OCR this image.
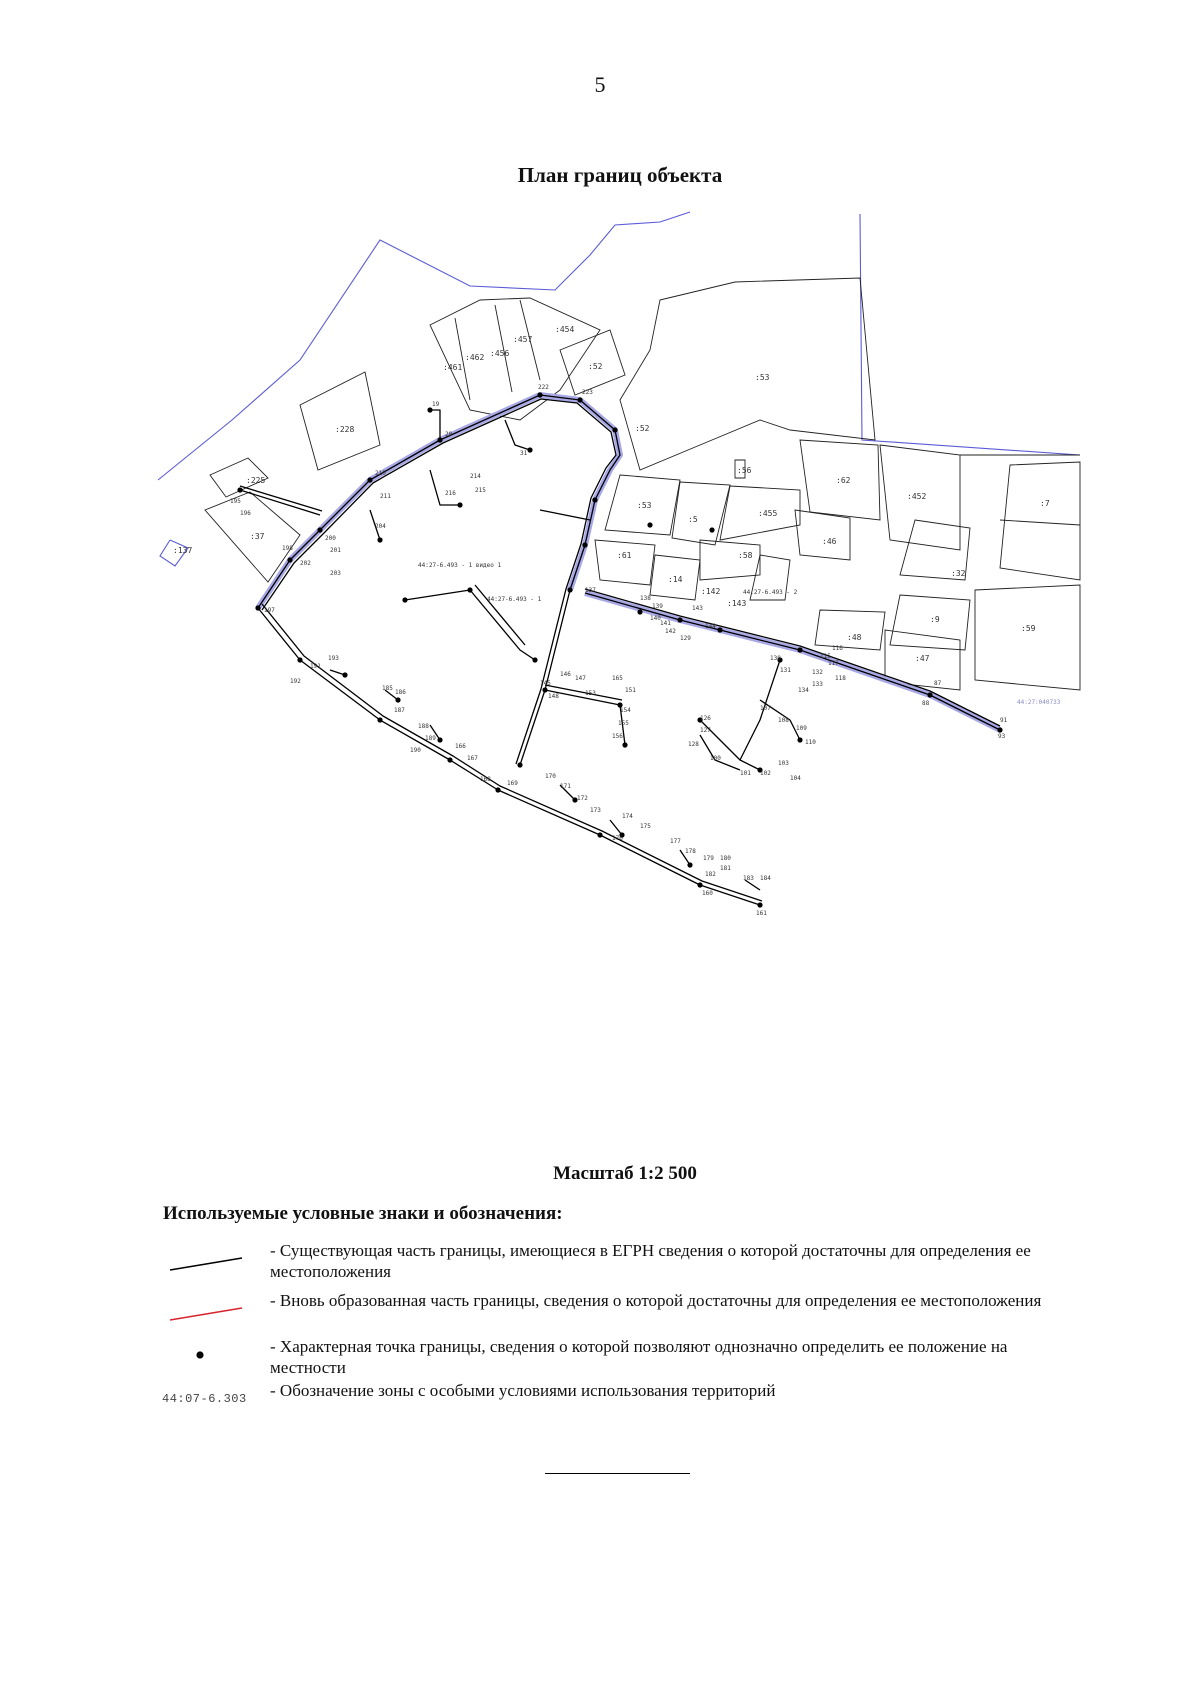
5
План границ объекта
:454
:52
:457
:456
:462
:461
:53
:228	:52
:56
:225
:37
:137
:53
:5
:455
:62
:452
:7
:61
:14
:58
:46
:142
:143
:32
:9
:48
:47
:59
44:27-6.493 - 1 видео 1
44:27-6.493 - 1
44:27-6.493 - 2
44:27:040733
19
20
31
222
223
210
211
214
215
216
200
201
202
203
204
197
198
195
196
191
192
193
185
186
187
188
189
190
166
167
168
169
170
171
172
173
174
175
176	177
178
179 180
181
182
183 184
160
161
165
151
153
154
155
156
145
146
147
148
137
138
139
140
141
142
143
144
129
130
131	132
133
134
126
127
128
100
101 102
103
104
107
108
109
110
115
116
117
118
87
88
91
93
Масштаб 1:2 500
Используемые условные знаки и обозначения:
- Существующая часть границы, имеющиеся в ЕГРН сведения о которой достаточны для определения ее местоположения
- Вновь образованная часть границы, сведения о которой достаточны для определения ее местоположения
- Характерная точка границы, сведения о которой позволяют однозначно определить ее положение на местности
44:07-6.303 - Обозначение зоны с особыми условиями использования территорий
